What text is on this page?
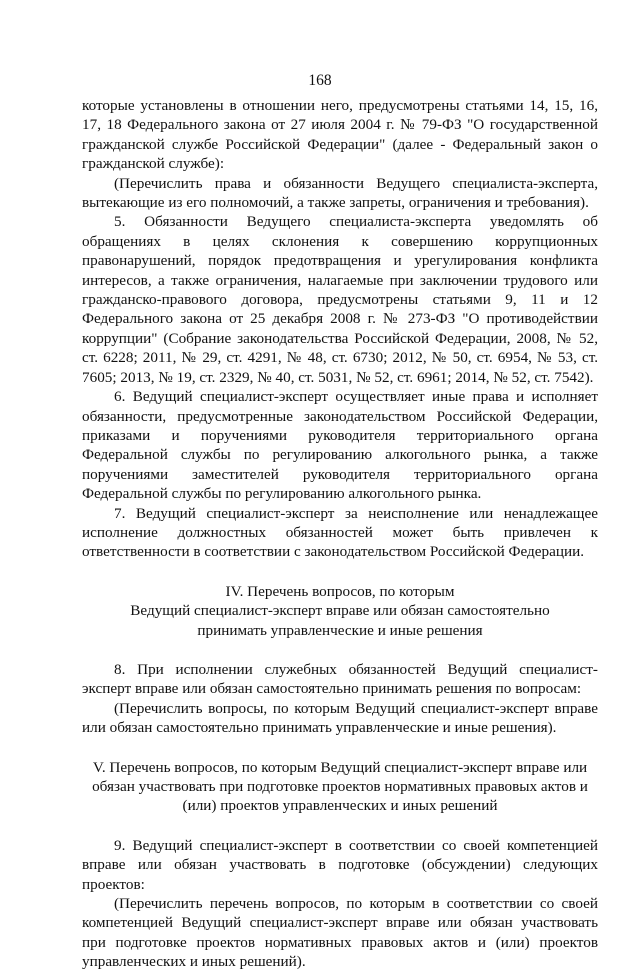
168

которые установлены в отношении него, предусмотрены статьями 14, 15, 16, 17, 18 Федерального закона от 27 июля 2004 г. № 79-ФЗ "О государственной гражданской службе Российской Федерации" (далее - Федеральный закон о гражданской службе):

(Перечислить права и обязанности Ведущего специалиста-эксперта, вытекающие из его полномочий, а также запреты, ограничения и требования).

5. Обязанности Ведущего специалиста-эксперта уведомлять об обращениях в целях склонения к совершению коррупционных правонарушений, порядок предотвращения и урегулирования конфликта интересов, а также ограничения, налагаемые при заключении трудового или гражданско-правового договора, предусмотрены статьями 9, 11 и 12 Федерального закона от 25 декабря 2008 г. № 273-ФЗ "О противодействии коррупции" (Собрание законодательства Российской Федерации, 2008, № 52, ст. 6228; 2011, № 29, ст. 4291, № 48, ст. 6730; 2012, № 50, ст. 6954, № 53, ст. 7605; 2013, № 19, ст. 2329, № 40, ст. 5031, № 52, ст. 6961; 2014, № 52, ст. 7542).

6. Ведущий специалист-эксперт осуществляет иные права и исполняет обязанности, предусмотренные законодательством Российской Федерации, приказами и поручениями руководителя территориального органа Федеральной службы по регулированию алкогольного рынка, а также поручениями заместителей руководителя территориального органа Федеральной службы по регулированию алкогольного рынка.

7. Ведущий специалист-эксперт за неисполнение или ненадлежащее исполнение должностных обязанностей может быть привлечен к ответственности в соответствии с законодательством Российской Федерации.

IV. Перечень вопросов, по которым

Ведущий специалист-эксперт вправе или обязан самостоятельно

принимать управленческие и иные решения

8. При исполнении служебных обязанностей Ведущий специалист-эксперт вправе или обязан самостоятельно принимать решения по вопросам:

(Перечислить вопросы, по которым Ведущий специалист-эксперт вправе или обязан самостоятельно принимать управленческие и иные решения).

V. Перечень вопросов, по которым Ведущий специалист-эксперт вправе или

обязан участвовать при подготовке проектов нормативных правовых актов и

(или) проектов управленческих и иных решений

9. Ведущий специалист-эксперт в соответствии со своей компетенцией вправе или обязан участвовать в подготовке (обсуждении) следующих проектов:

(Перечислить перечень вопросов, по которым в соответствии со своей компетенцией Ведущий специалист-эксперт вправе или обязан участвовать при подготовке проектов нормативных правовых актов и (или) проектов управленческих и иных решений).
